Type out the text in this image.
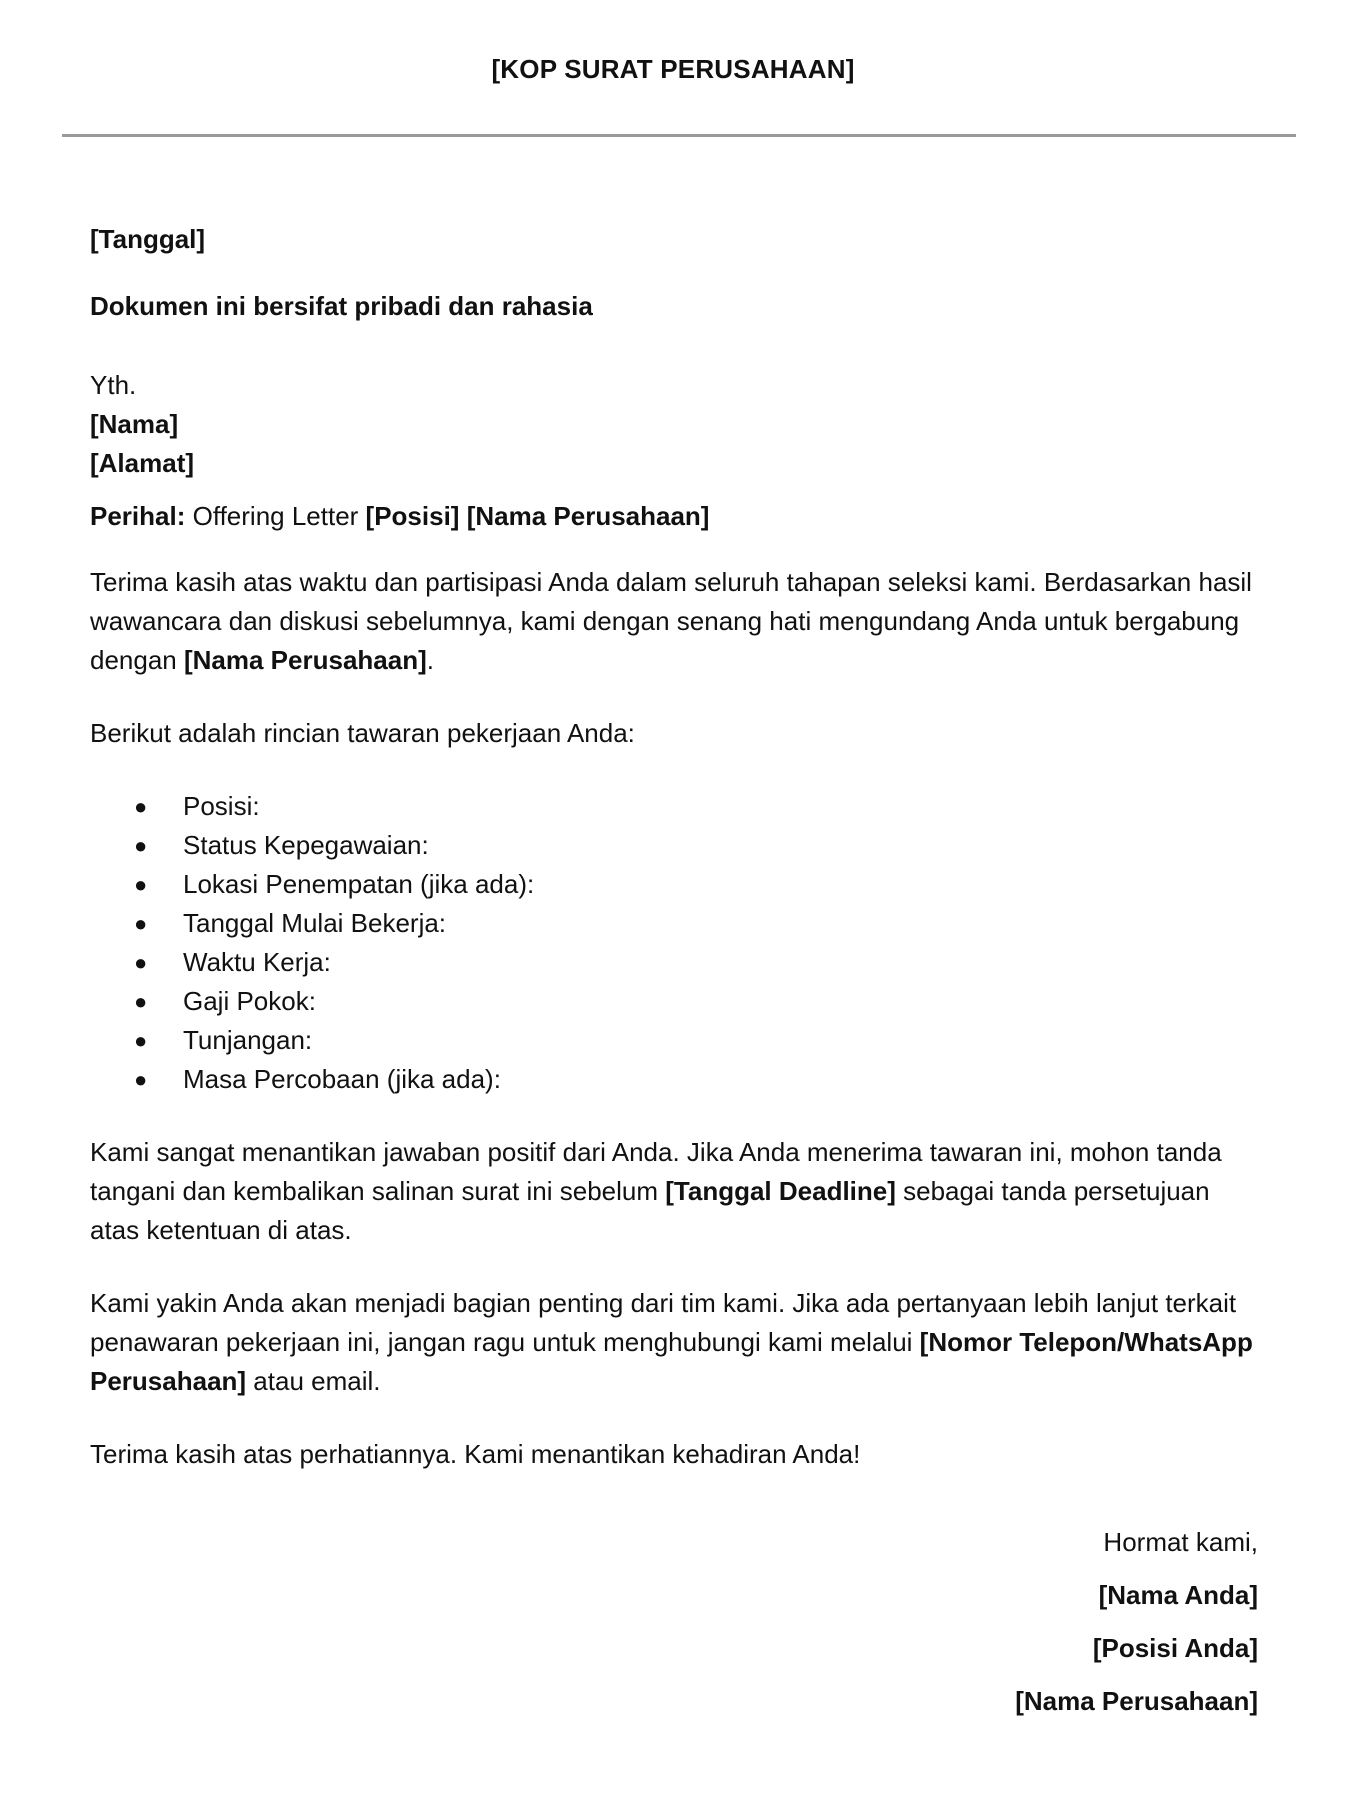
[KOP SURAT PERUSAHAAN]

[Tanggal]

Dokumen ini bersifat pribadi dan rahasia

Yth.

[Nama]

[Alamat]

Perihal: Offering Letter [Posisi] [Nama Perusahaan]

Terima kasih atas waktu dan partisipasi Anda dalam seluruh tahapan seleksi kami. Berdasarkan hasil wawancara dan diskusi sebelumnya, kami dengan senang hati mengundang Anda untuk bergabung dengan [Nama Perusahaan].

Berikut adalah rincian tawaran pekerjaan Anda:

● Posisi:
● Status Kepegawaian:
● Lokasi Penempatan (jika ada):
● Tanggal Mulai Bekerja:
● Waktu Kerja:
● Gaji Pokok:
● Tunjangan:
● Masa Percobaan (jika ada):

Kami sangat menantikan jawaban positif dari Anda. Jika Anda menerima tawaran ini, mohon tanda tangani dan kembalikan salinan surat ini sebelum [Tanggal Deadline] sebagai tanda persetujuan atas ketentuan di atas.

Kami yakin Anda akan menjadi bagian penting dari tim kami. Jika ada pertanyaan lebih lanjut terkait penawaran pekerjaan ini, jangan ragu untuk menghubungi kami melalui [Nomor Telepon/WhatsApp Perusahaan] atau email.

Terima kasih atas perhatiannya. Kami menantikan kehadiran Anda!

Hormat kami,
[Nama Anda]
[Posisi Anda]
[Nama Perusahaan]
